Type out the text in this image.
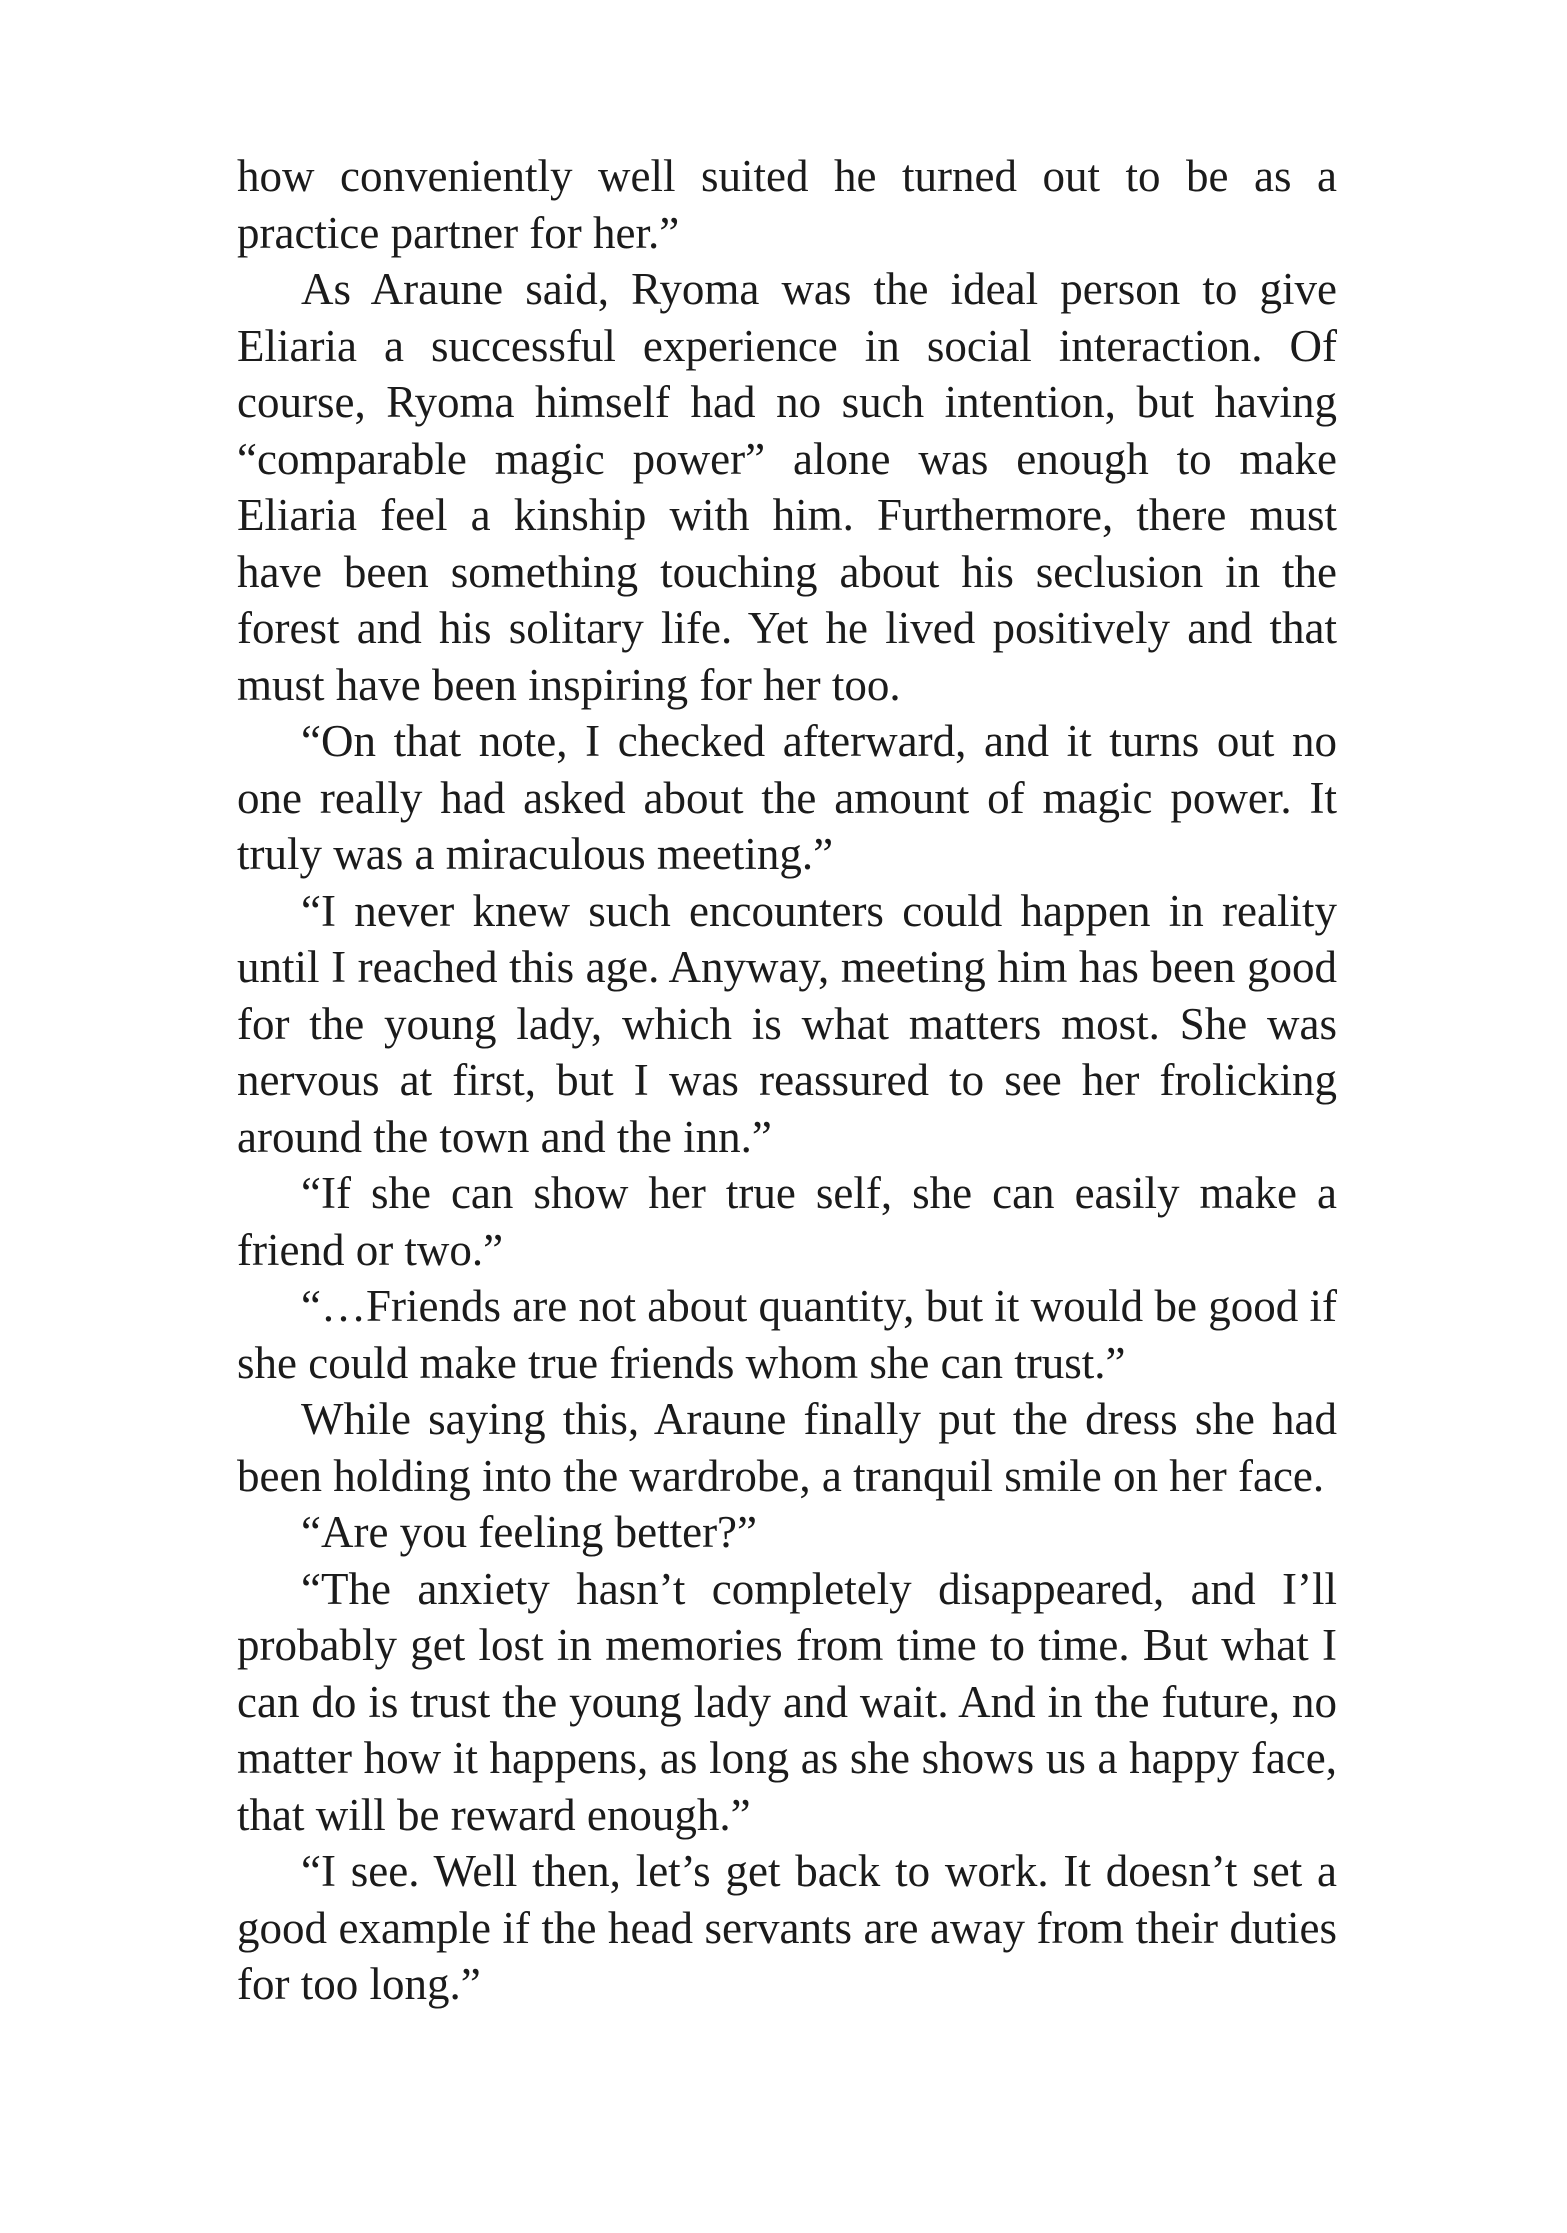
how conveniently well suited he turned out to be as a practice partner for her.”

As Araune said, Ryoma was the ideal person to give Eliaria a successful experience in social interaction. Of course, Ryoma himself had no such intention, but having “comparable magic power” alone was enough to make Eliaria feel a kinship with him. Furthermore, there must have been something touching about his seclusion in the forest and his solitary life. Yet he lived positively and that must have been inspiring for her too.

“On that note, I checked afterward, and it turns out no one really had asked about the amount of magic power. It truly was a miraculous meeting.”

“I never knew such encounters could happen in reality until I reached this age. Anyway, meeting him has been good for the young lady, which is what matters most. She was nervous at first, but I was reassured to see her frolicking around the town and the inn.”

“If she can show her true self, she can easily make a friend or two.”

“…Friends are not about quantity, but it would be good if she could make true friends whom she can trust.”

While saying this, Araune finally put the dress she had been holding into the wardrobe, a tranquil smile on her face.

“Are you feeling better?”

“The anxiety hasn’t completely disappeared, and I’ll probably get lost in memories from time to time. But what I can do is trust the young lady and wait. And in the future, no matter how it happens, as long as she shows us a happy face, that will be reward enough.”

“I see. Well then, let’s get back to work. It doesn’t set a good example if the head servants are away from their duties for too long.”
